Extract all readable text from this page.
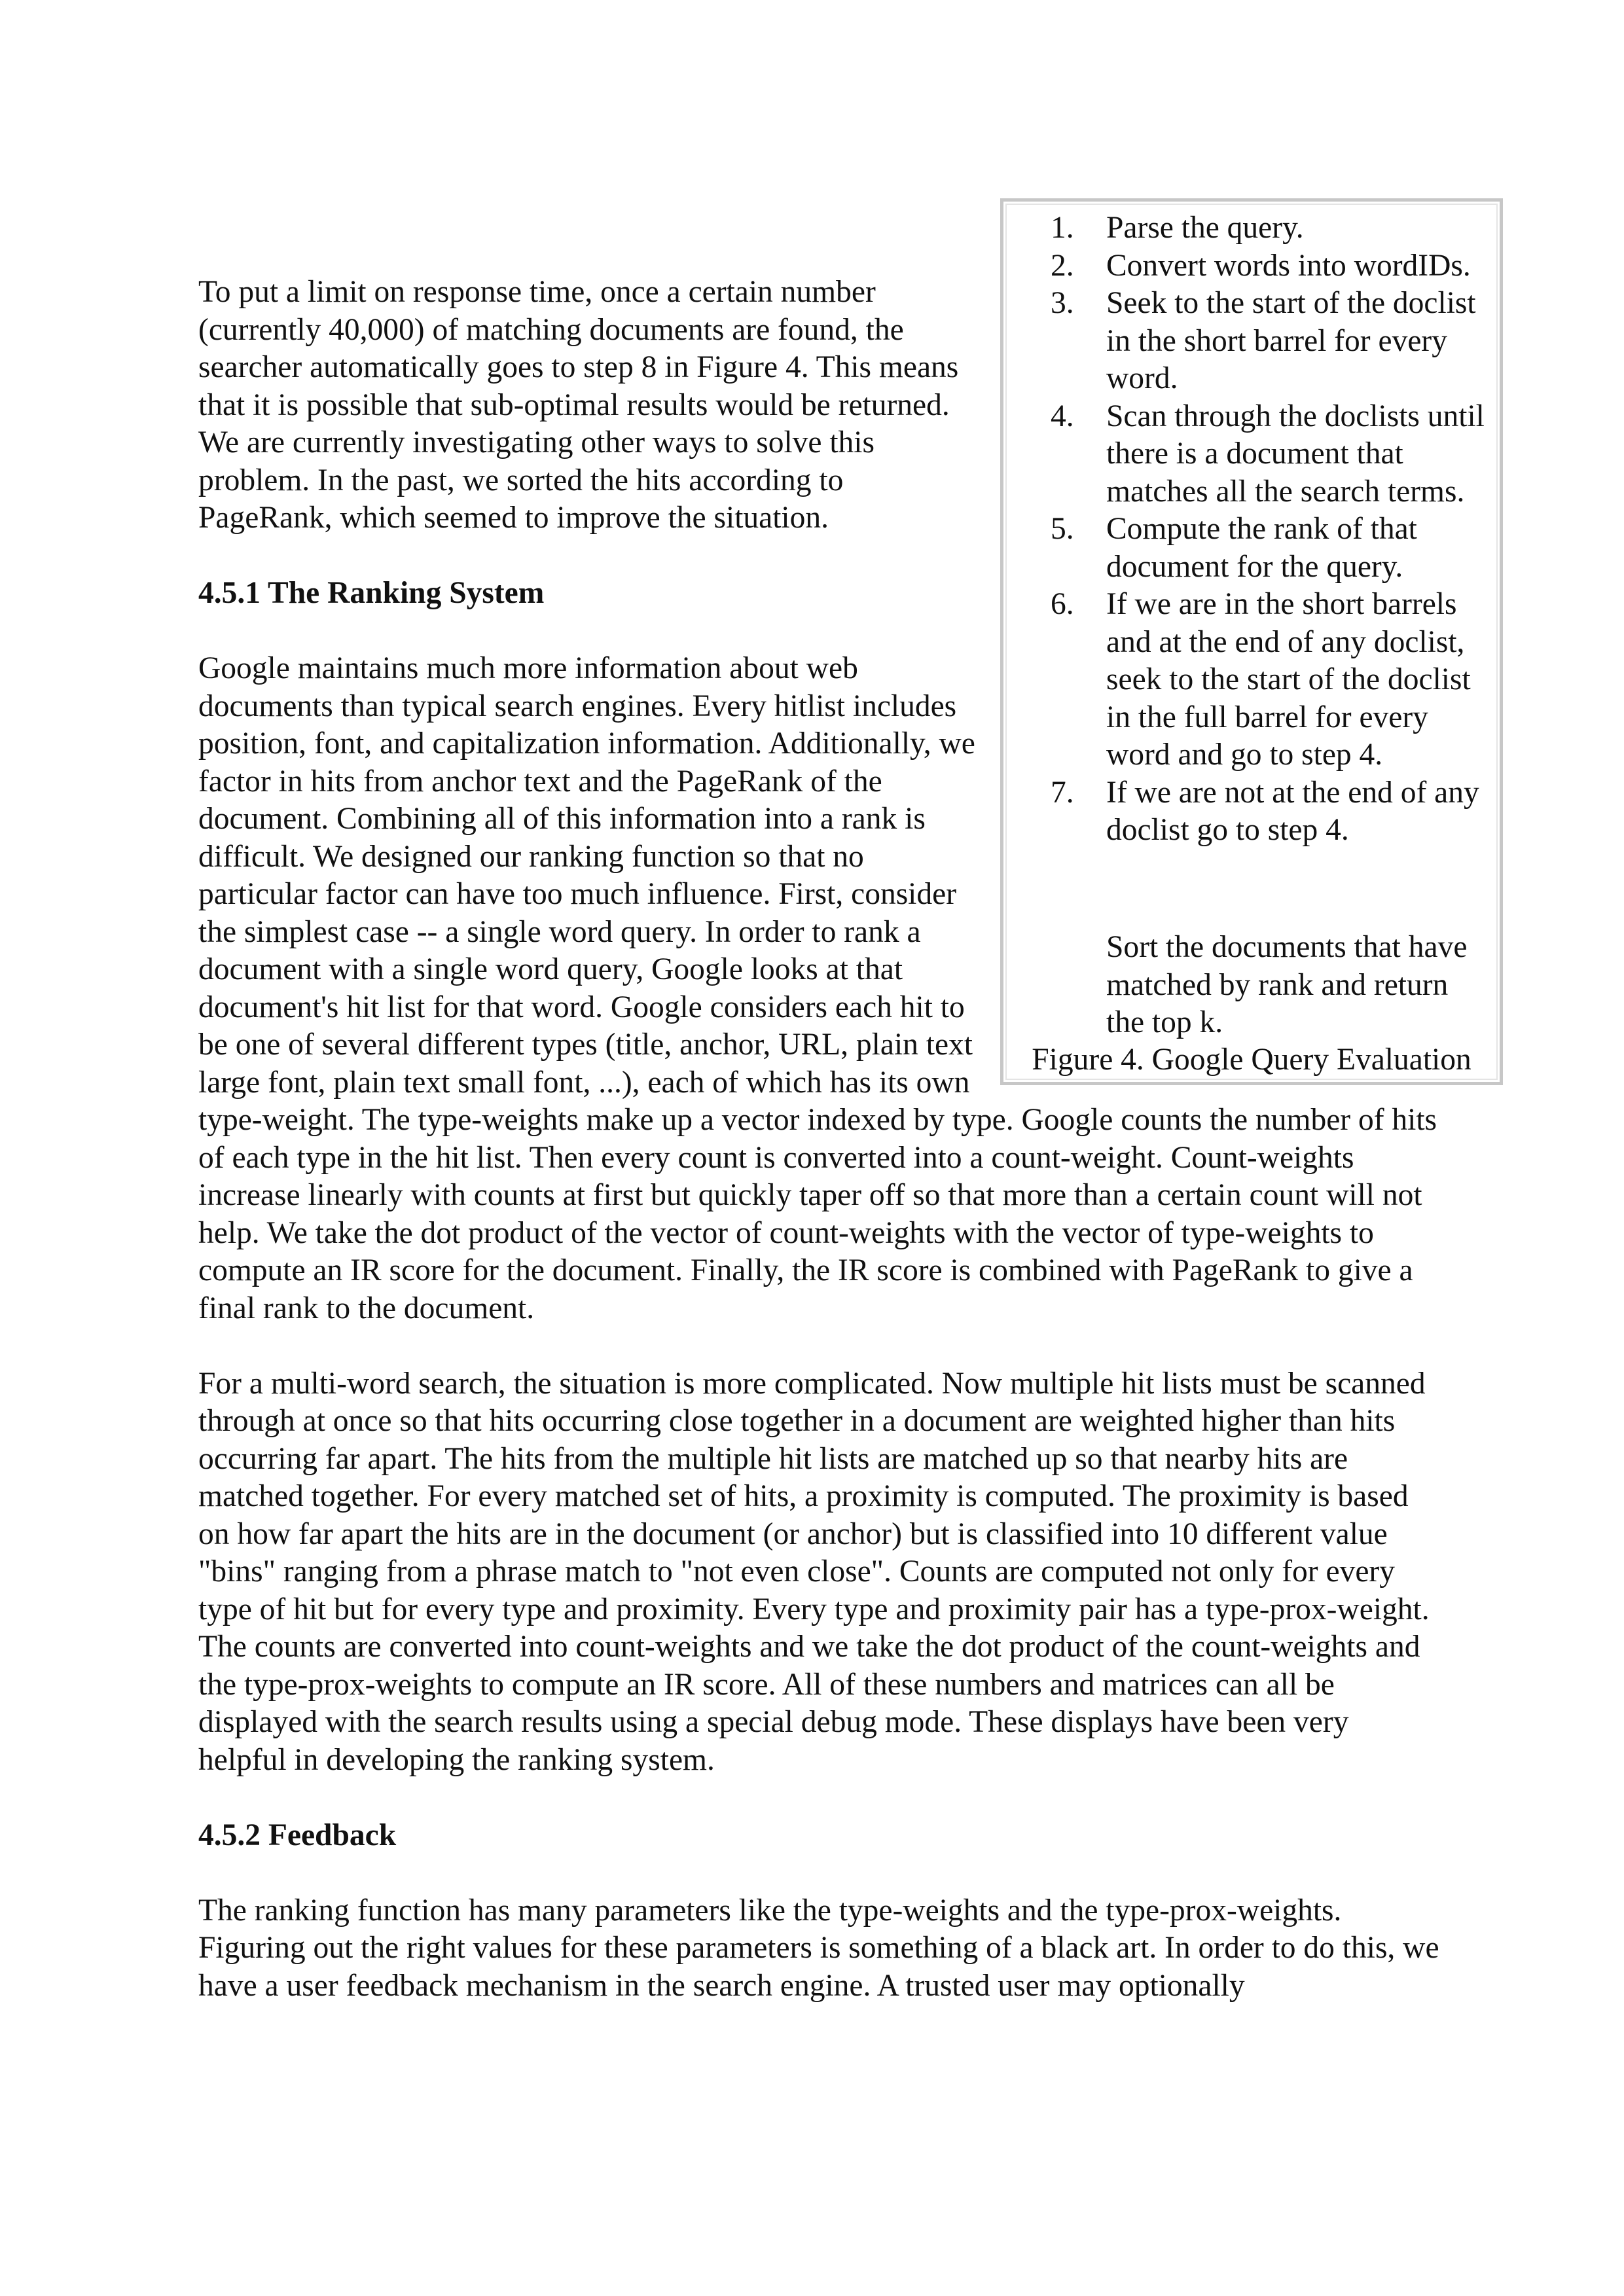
1. Parse the query.
2. Convert words into wordIDs.
3. Seek to the start of the doclist in the short barrel for every word.
4. Scan through the doclists until there is a document that matches all the search terms.
5. Compute the rank of that document for the query.
6. If we are in the short barrels and at the end of any doclist, seek to the start of the doclist in the full barrel for every word and go to step 4.
7. If we are not at the end of any doclist go to step 4.
Sort the documents that have matched by rank and return the top k.
Figure 4. Google Query Evaluation

To put a limit on response time, once a certain number (currently 40,000) of matching documents are found, the searcher automatically goes to step 8 in Figure 4. This means that it is possible that sub-optimal results would be returned. We are currently investigating other ways to solve this problem. In the past, we sorted the hits according to PageRank, which seemed to improve the situation.

4.5.1 The Ranking System

Google maintains much more information about web documents than typical search engines. Every hitlist includes position, font, and capitalization information. Additionally, we factor in hits from anchor text and the PageRank of the document. Combining all of this information into a rank is difficult. We designed our ranking function so that no particular factor can have too much influence. First, consider the simplest case -- a single word query. In order to rank a document with a single word query, Google looks at that document's hit list for that word. Google considers each hit to be one of several different types (title, anchor, URL, plain text large font, plain text small font, ...), each of which has its own type-weight. The type-weights make up a vector indexed by type. Google counts the number of hits of each type in the hit list. Then every count is converted into a count-weight. Count-weights increase linearly with counts at first but quickly taper off so that more than a certain count will not help. We take the dot product of the vector of count-weights with the vector of type-weights to compute an IR score for the document. Finally, the IR score is combined with PageRank to give a final rank to the document.

For a multi-word search, the situation is more complicated. Now multiple hit lists must be scanned through at once so that hits occurring close together in a document are weighted higher than hits occurring far apart. The hits from the multiple hit lists are matched up so that nearby hits are matched together. For every matched set of hits, a proximity is computed. The proximity is based on how far apart the hits are in the document (or anchor) but is classified into 10 different value "bins" ranging from a phrase match to "not even close". Counts are computed not only for every type of hit but for every type and proximity. Every type and proximity pair has a type-prox-weight. The counts are converted into count-weights and we take the dot product of the count-weights and the type-prox-weights to compute an IR score. All of these numbers and matrices can all be displayed with the search results using a special debug mode. These displays have been very helpful in developing the ranking system.

4.5.2 Feedback

The ranking function has many parameters like the type-weights and the type-prox-weights. Figuring out the right values for these parameters is something of a black art. In order to do this, we have a user feedback mechanism in the search engine. A trusted user may optionally
